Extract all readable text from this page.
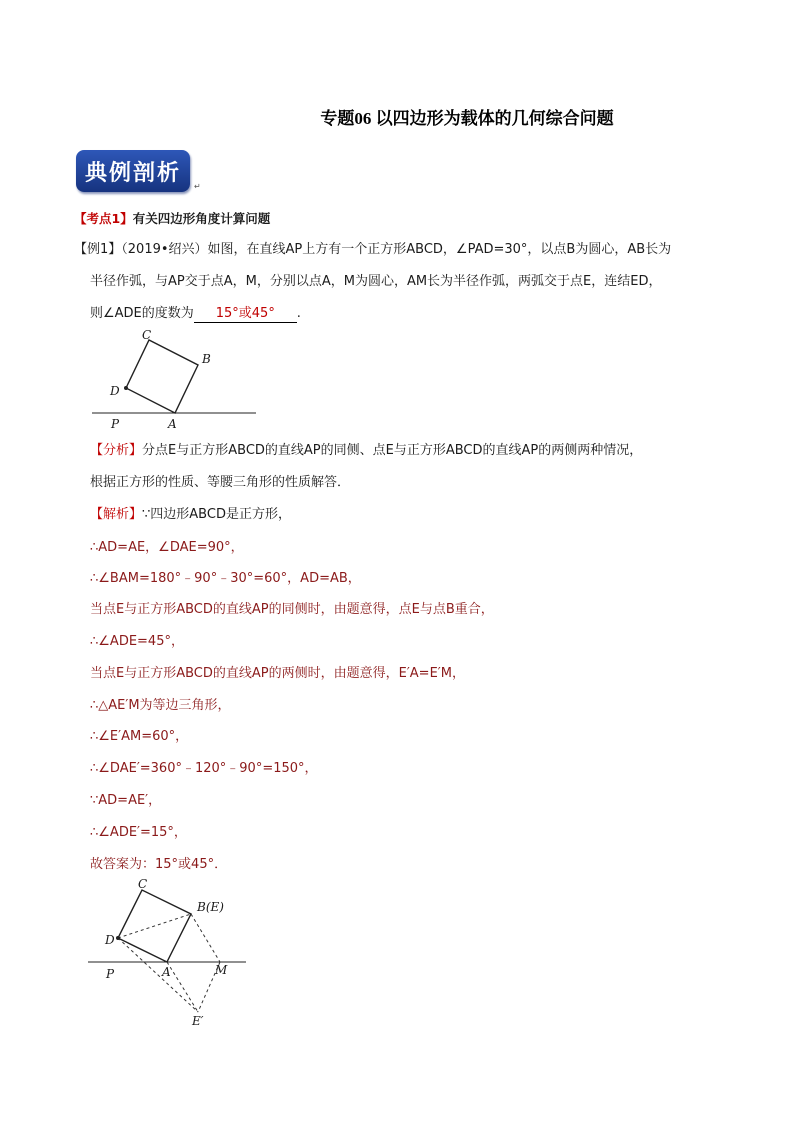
专题06 以四边形为载体的几何综合问题
典例剖析
↵
【考点1】有关四边形角度计算问题
【例1】（2019•绍兴）如图，在直线AP上方有一个正方形ABCD，∠PAD=30°，以点B为圆心，AB长为
半径作弧，与AP交于点A，M，分别以点A，M为圆心，AM长为半径作弧，两弧交于点E，连结ED，
则∠ADE的度数为 15°或45° .
C
B
D
P	A
【分析】分点E与正方形ABCD的直线AP的同侧、点E与正方形ABCD的直线AP的两侧两种情况，
根据正方形的性质、等腰三角形的性质解答．
【解析】∵四边形ABCD是正方形，
∴AD=AE，∠DAE=90°，
∴∠BAM=180°﹣90°﹣30°=60°，AD=AB，
当点E与正方形ABCD的直线AP的同侧时，由题意得，点E与点B重合，
∴∠ADE=45°，
当点E与正方形ABCD的直线AP的两侧时，由题意得，E′A=E′M，
∴△AE′M为等边三角形，
∴∠E′AM=60°，
∴∠DAE′=360°﹣120°﹣90°=150°，
∵AD=AE′，
∴∠ADE′=15°，
故答案为：15°或45°．
C
B(E)
D
P	A	M
E′
